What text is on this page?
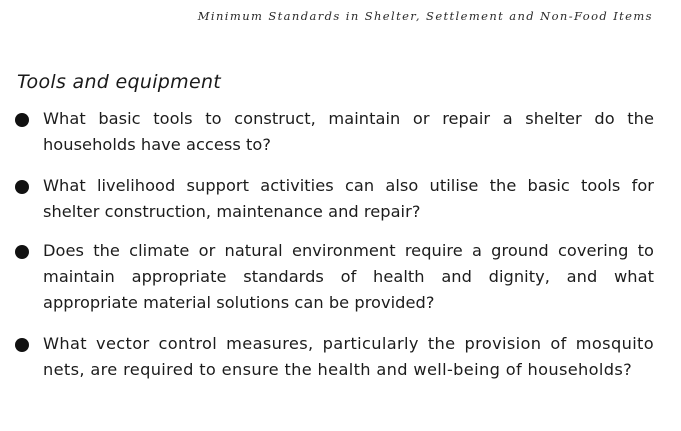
Minimum Standards in Shelter, Settlement and Non-Food Items
Tools and equipment

What basic tools to construct, maintain or repair a shelter do the households have access to?

What livelihood support activities can also utilise the basic tools for shelter construction, maintenance and repair?

Does the climate or natural environment require a ground covering to maintain appropriate standards of health and dignity, and what appropriate material solutions can be provided?

What vector control measures, particularly the provision of mosquito nets, are required to ensure the health and well-being of households?
